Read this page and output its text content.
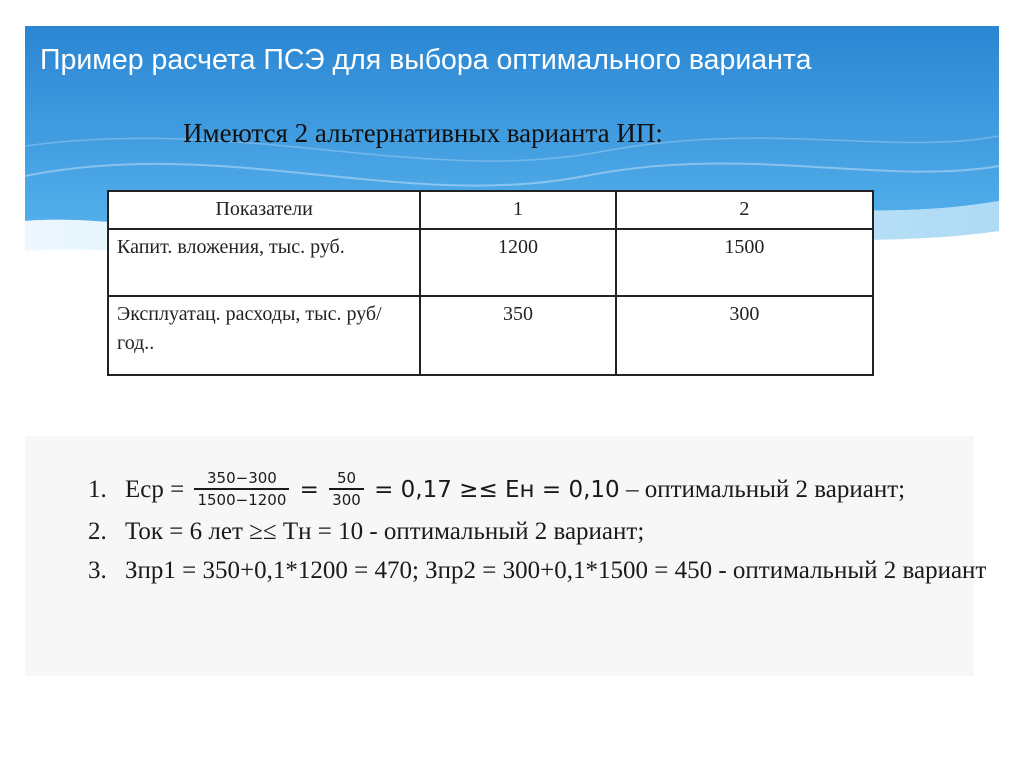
Пример расчета ПСЭ для выбора оптимального варианта
Имеются 2 альтернативных варианта ИП:
Показатели	1	2
Капит. вложения, тыс. руб.	1200	1500
Эксплуатац. расходы, тыс. руб/год..	350	300
1. Еср = $\frac{350-300}{1500-1200} = \frac{50}{300} = 0,17$ ≥≤ Ен = 0,10 – оптимальный 2 вариант;
2. Ток = 6 лет ≥≤ Тн = 10 - оптимальный 2 вариант;
3. Зпр1 = 350+0,1*1200 = 470; Зпр2 = 300+0,1*1500 = 450 - оптимальный 2 вариант
